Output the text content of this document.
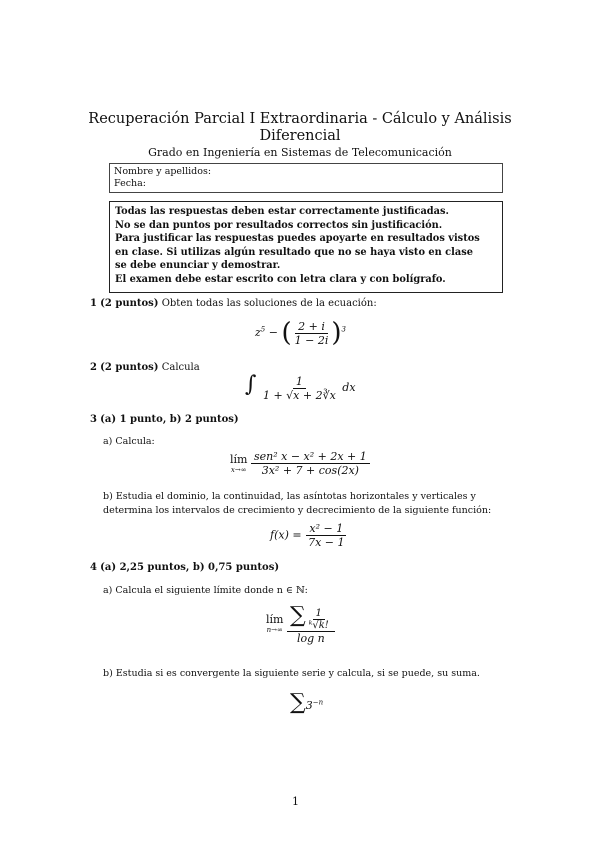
Recuperación Parcial I Extraordinaria - Cálculo y Análisis
Diferencial
Grado en Ingeniería en Sistemas de Telecomunicación
Nombre y apellidos:
Fecha:
Todas las respuestas deben estar correctamente justificadas.
No se dan puntos por resultados correctos sin justificación.
Para justificar las respuestas puedes apoyarte en resultados vistos
en clase. Si utilizas algún resultado que no se haya visto en clase
se debe enunciar y demostrar.
El examen debe estar escrito con letra clara y con bolígrafo.
1 (2 puntos) Obten todas las soluciones de la ecuación:
$z^5$ − ( $\frac{2 + i}{1 - 2i} )^3$
2 (2 puntos) Calcula
∫ $\frac{1}{1 + √x + 2∛x}$ dx
3 (a) 1 punto, b) 2 puntos)
a) Calcula:
lím
x→∞
$\frac{\text{sen² x − x² + 2x + 1}}{\text{3x² + 7 + cos(2x)}}$
b) Estudia el dominio, la continuidad, las asíntotas horizontales y verticales y determina los intervalos de crecimiento y decrecimiento de la siguiente función:
$f(x) = \frac{\text{x² − 1}}{7x - 1}$
4 (a) 2,25 puntos, b) 0,75 puntos)
a) Calcula el siguiente límite donde n ∈ ℕ:
lím
n→∞
$\frac{\sum \frac{1}{\text{ᵏ√k!}}}{\text{log n}}$
b) Estudia si es convergente la siguiente serie y calcula, si se puede, su suma.
$\sum 3^{-n}$
1
